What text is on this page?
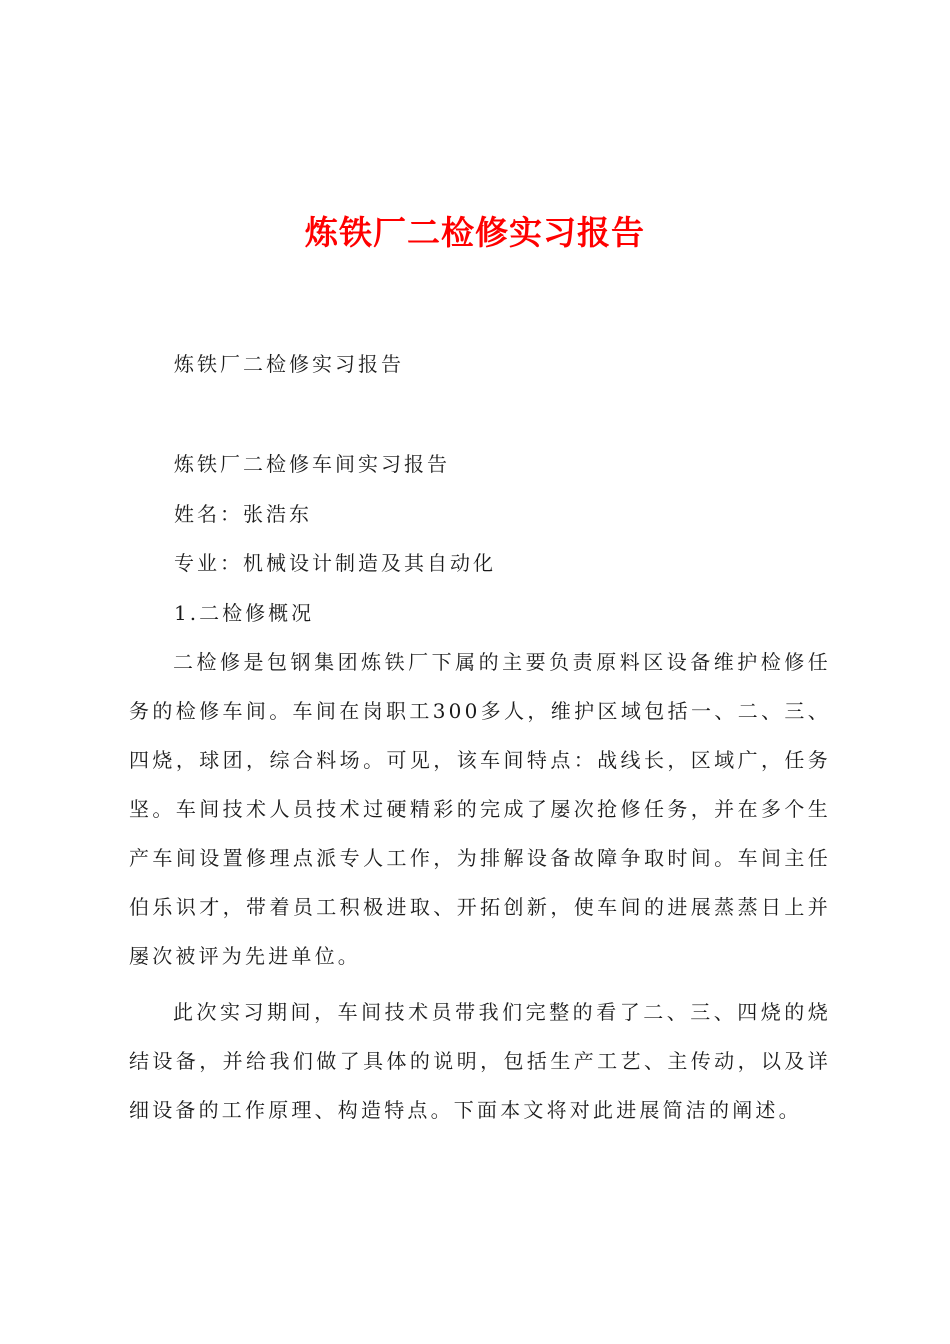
炼铁厂二检修实习报告

炼铁厂二检修实习报告

炼铁厂二检修车间实习报告

姓名：张浩东

专业：机械设计制造及其自动化

1.二检修概况

二检修是包钢集团炼铁厂下属的主要负责原料区设备维护检修任务的检修车间。车间在岗职工300多人，维护区域包括一、二、三、四烧，球团，综合料场。可见，该车间特点：战线长，区域广，任务坚。车间技术人员技术过硬精彩的完成了屡次抢修任务，并在多个生产车间设置修理点派专人工作，为排解设备故障争取时间。车间主任伯乐识才，带着员工积极进取、开拓创新，使车间的进展蒸蒸日上并屡次被评为先进单位。

此次实习期间，车间技术员带我们完整的看了二、三、四烧的烧结设备，并给我们做了具体的说明，包括生产工艺、主传动，以及详细设备的工作原理、构造特点。下面本文将对此进展简洁的阐述。
